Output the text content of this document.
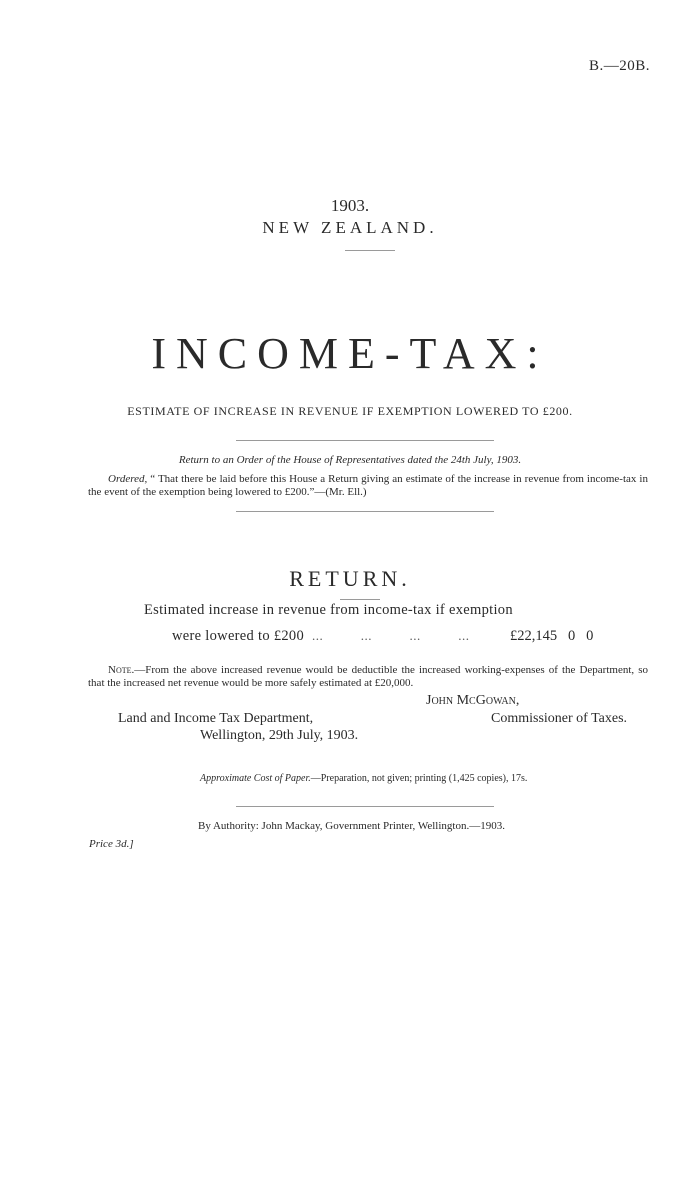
B.—20B.
1903.
NEW ZEALAND.
INCOME-TAX:
ESTIMATE OF INCREASE IN REVENUE IF EXEMPTION LOWERED TO £200.
Return to an Order of the House of Representatives dated the 24th July, 1903.
Ordered, “ That there be laid before this House a Return giving an estimate of the increase in revenue from income-tax in the event of the exemption being lowered to £200.”—(Mr. Ell.)
RETURN.
Estimated increase in revenue from income-tax if exemption
were lowered to £200 ...          ...          ...          ...	£22,145   0   0
Note.—From the above increased revenue would be deductible the increased working-expenses of the Department, so that the increased net revenue would be more safely estimated at £20,000.
John McGowan,
Land and Income Tax Department,	Commissioner of Taxes.
Wellington, 29th July, 1903.
Approximate Cost of Paper.—Preparation, not given; printing (1,425 copies), 17s.
By Authority: John Mackay, Government Printer, Wellington.—1903.
Price 3d.]
